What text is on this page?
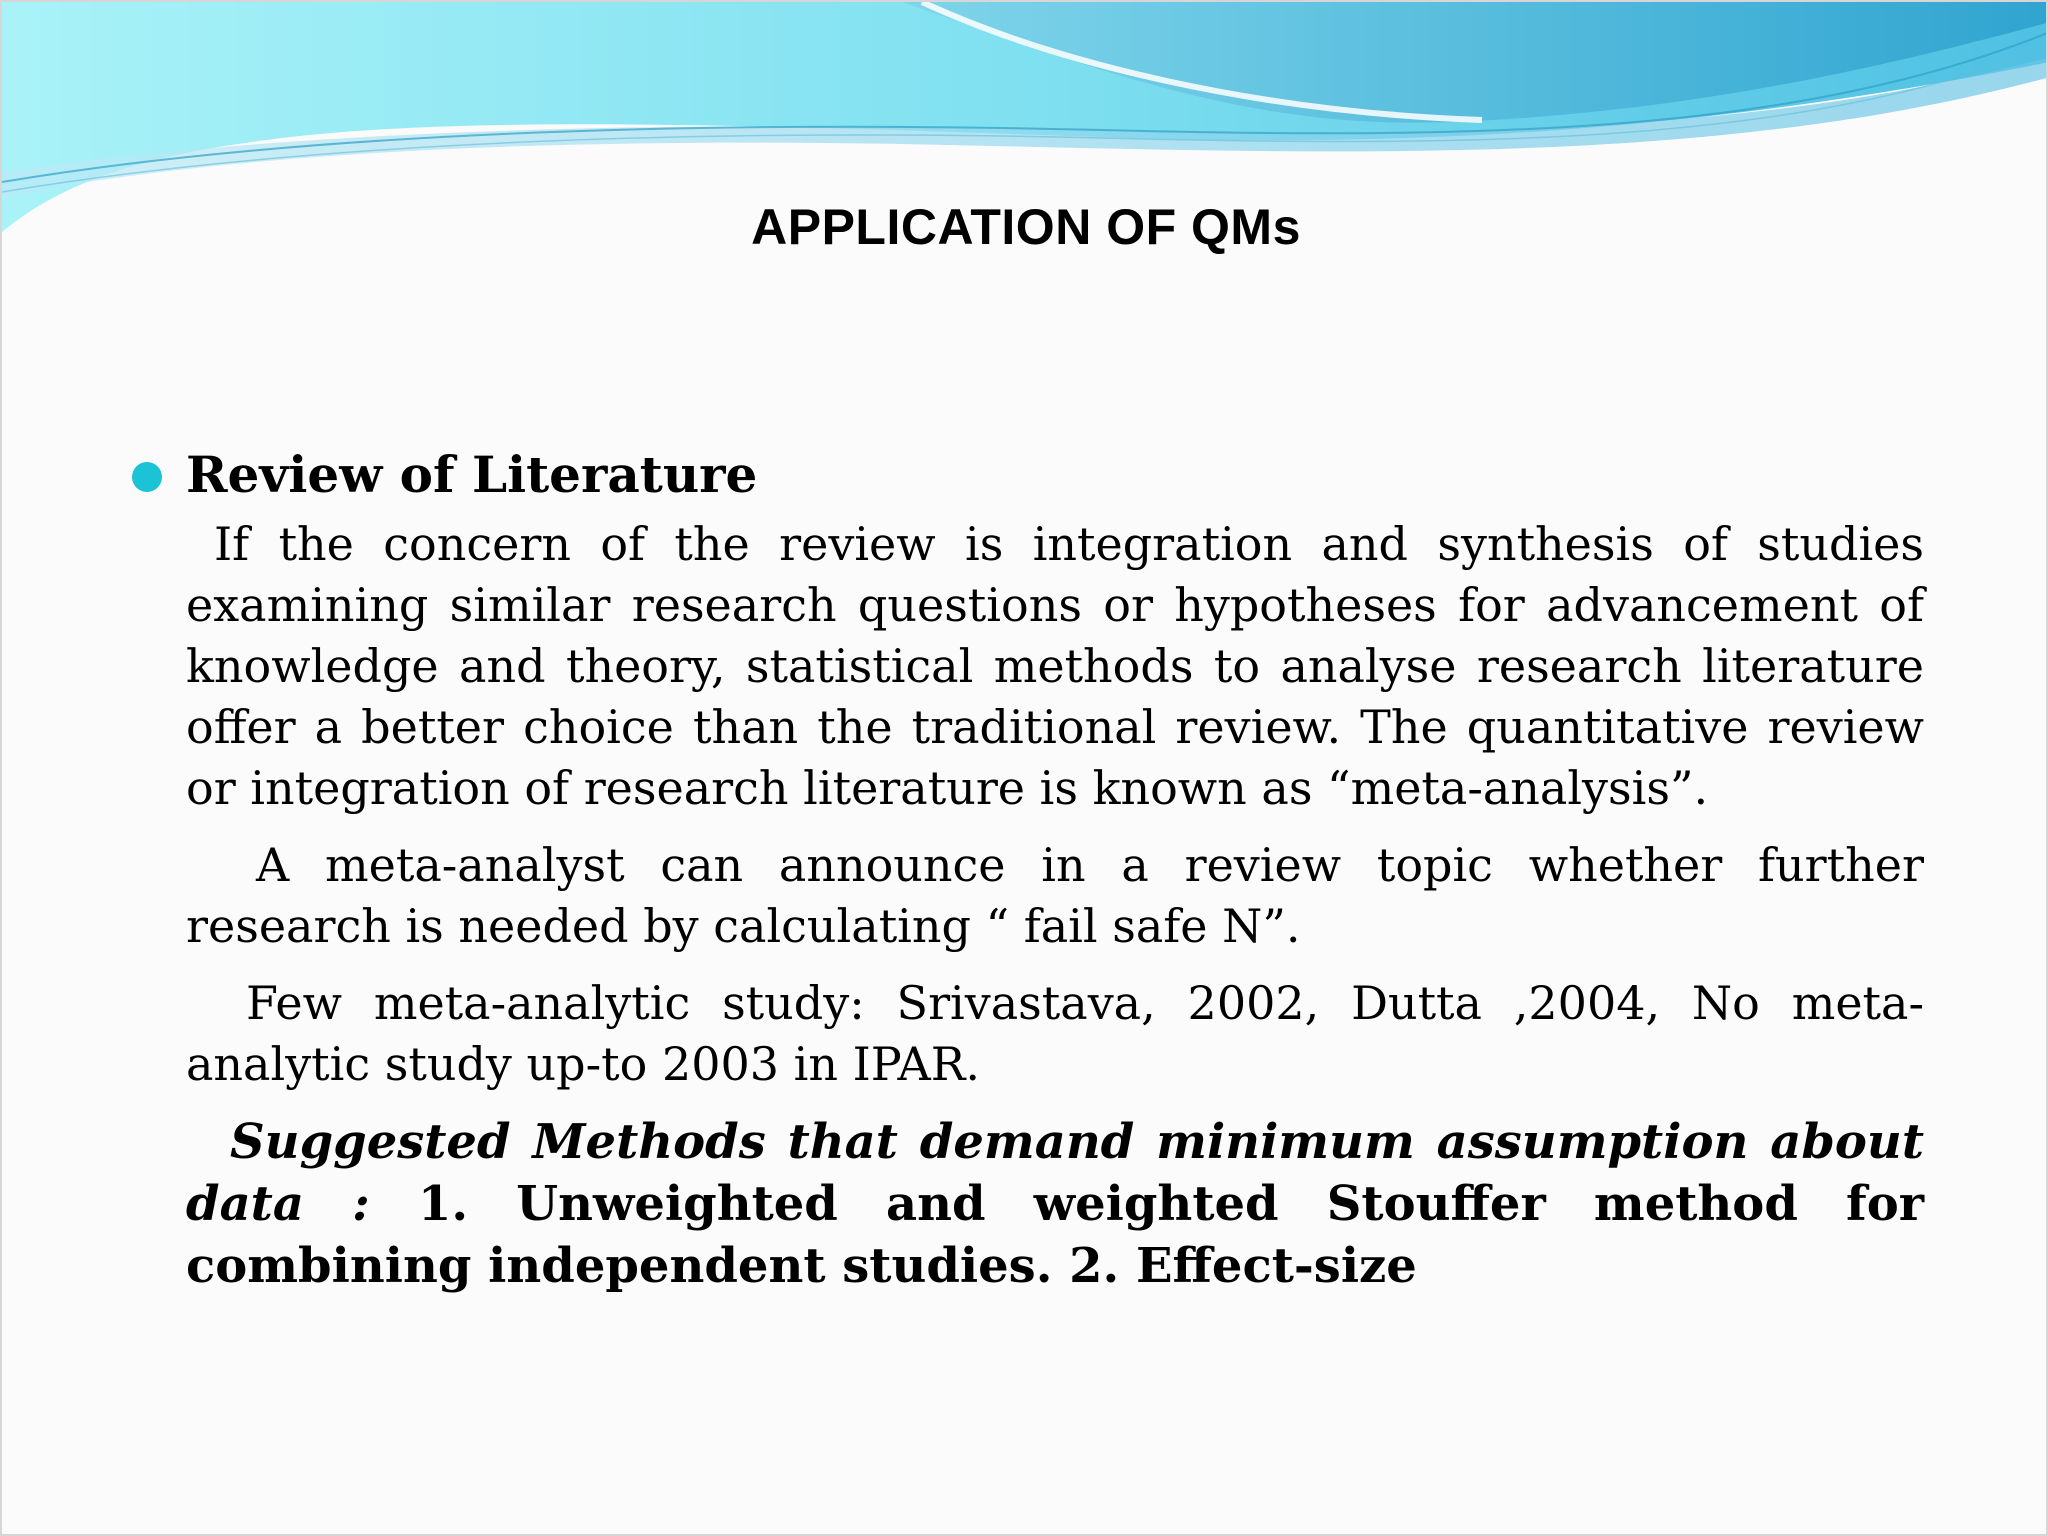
APPLICATION OF QMs
Review of Literature

If the concern of the review is integration and synthesis of studies examining similar research questions or hypotheses for advancement of knowledge and theory, statistical methods to analyse research literature offer a better choice than the traditional review. The quantitative review or integration of research literature is known as “meta-analysis”.

A meta-analyst can announce in a review topic whether further research is needed by calculating “ fail safe N”.

Few meta-analytic study: Srivastava, 2002, Dutta ,2004, No meta-analytic study up-to 2003 in IPAR.

Suggested Methods that demand minimum assumption about data : 1. Unweighted and weighted Stouffer method for combining independent studies. 2. Effect-size
